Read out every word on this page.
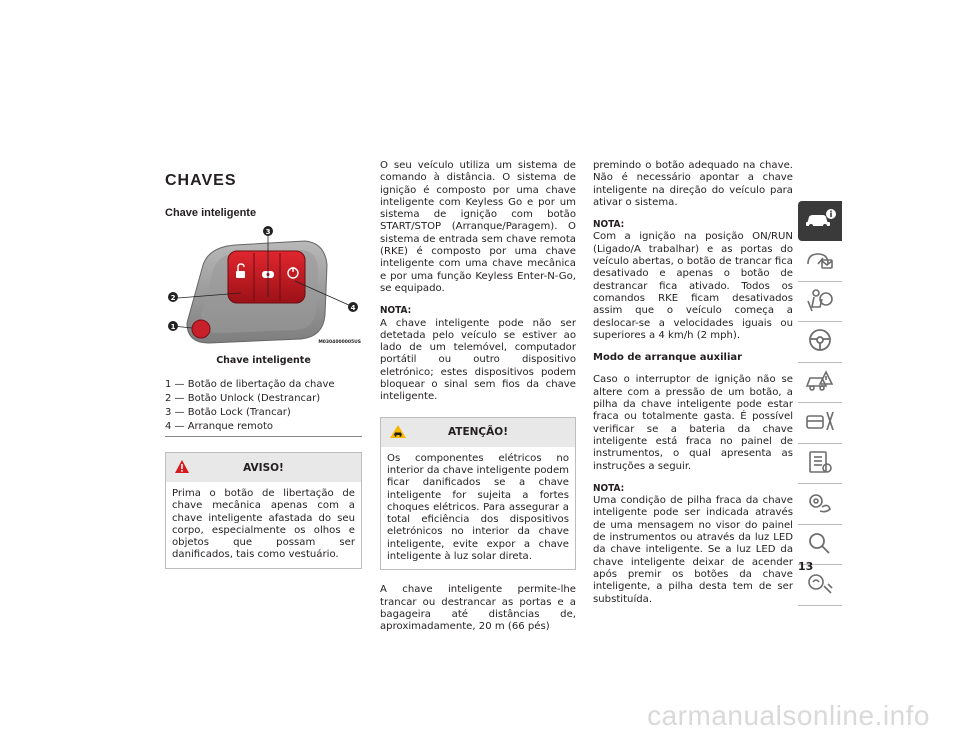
CHAVES
Chave inteligente
1
2
3
4
M0304000005US
Chave inteligente
1 — Botão de libertação da chave
2 — Botão Unlock (Destrancar)
3 — Botão Lock (Trancar)
4 — Arranque remoto
AVISO!
Prima o botão de libertação de chave mecânica apenas com a chave inteligente afastada do seu corpo, especialmente os olhos e objetos que possam ser danificados, tais como vestuário.
O seu veículo utiliza um sistema de comando à distância. O sistema de ignição é composto por uma chave inteligente com Keyless Go e por um sistema de ignição com botão START/STOP (Arranque/Paragem). O sistema de entrada sem chave remota (RKE) é composto por uma chave inteligente com uma chave mecânica e por uma função Keyless Enter-N-Go, se equipado.
NOTA:
A chave inteligente pode não ser detetada pelo veículo se estiver ao lado de um telemóvel, computador portátil ou outro dispositivo eletrónico; estes dispositivos podem bloquear o sinal sem fios da chave inteligente.
ATENÇÃO!
Os componentes elétricos no interior da chave inteligente podem ficar danificados se a chave inteligente for sujeita a fortes choques elétricos. Para assegurar a total eficiência dos dispositivos eletrónicos no interior da chave inteligente, evite expor a chave inteligente à luz solar direta.
A chave inteligente permite-lhe trancar ou destrancar as portas e a bagageira até distâncias de, aproximadamente, 20 m (66 pés)
premindo o botão adequado na chave. Não é necessário apontar a chave inteligente na direção do veículo para ativar o sistema.
NOTA:
Com a ignição na posição ON/RUN (Ligado/A trabalhar) e as portas do veículo abertas, o botão de trancar fica desativado e apenas o botão de destrancar fica ativado. Todos os comandos RKE ficam desativados assim que o veículo começa a deslocar-se a velocidades iguais ou superiores a 4 km/h (2 mph).
Modo de arranque auxiliar
Caso o interruptor de ignição não se altere com a pressão de um botão, a pilha da chave inteligente pode estar fraca ou totalmente gasta. É possível verificar se a bateria da chave inteligente está fraca no painel de instrumentos, o qual apresenta as instruções a seguir.
NOTA:
Uma condição de pilha fraca da chave inteligente pode ser indicada através de uma mensagem no visor do painel de instrumentos ou através da luz LED da chave inteligente. Se a luz LED da chave inteligente deixar de acender após premir os botões da chave inteligente, a pilha desta tem de ser substituída.
13
carmanualsonline.info
